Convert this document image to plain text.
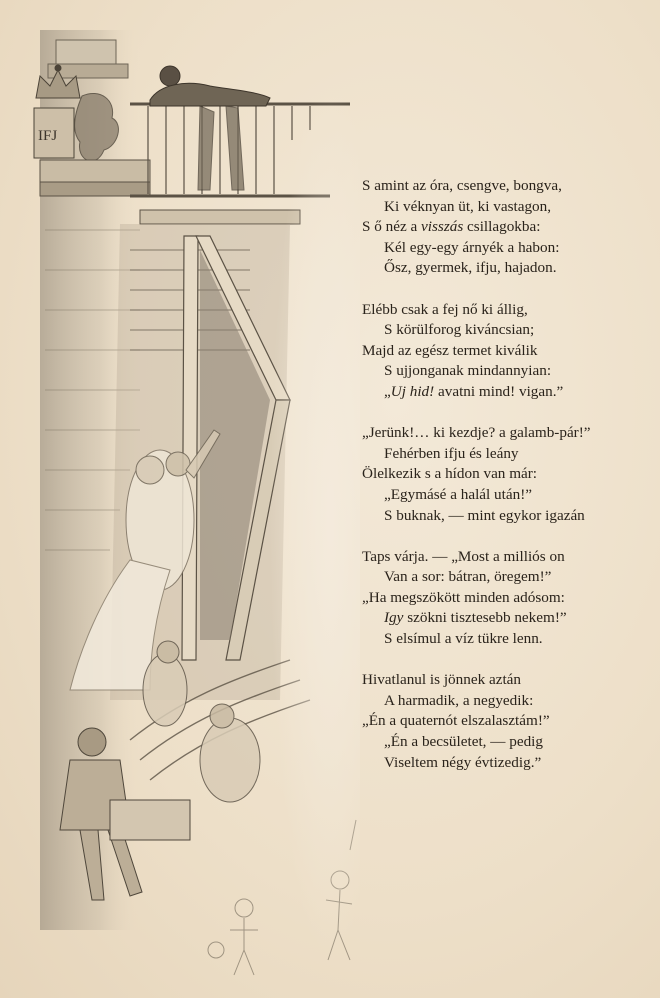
IFJ
S amint az óra, csengve, bongva,
Ki véknyan üt, ki vastagon,
S ő néz a visszás csillagokba:
Kél egy-egy árnyék a habon:
Ősz, gyermek, ifju, hajadon.
Elébb csak a fej nő ki állig,
S körülforog kiváncsian;
Majd az egész termet kiválik
S ujjonganak mindannyian:
„Uj hid! avatni mind! vigan.”
„Jerünk!… ki kezdje? a galamb-pár!”
Fehérben ifju és leány
Ölelkezik s a hídon van már:
„Egymásé a halál után!”
S buknak, — mint egykor igazán
Taps várja. — „Most a milliós on
Van a sor: bátran, öregem!”
„Ha megszökött minden adósom:
Igy szökni tisztesebb nekem!”
S elsímul a víz tükre lenn.
Hivatlanul is jönnek aztán
A harmadik, a negyedik:
„Én a quaternót elszalasztám!”
„Én a becsületet, — pedig
Viseltem négy évtizedig.”
